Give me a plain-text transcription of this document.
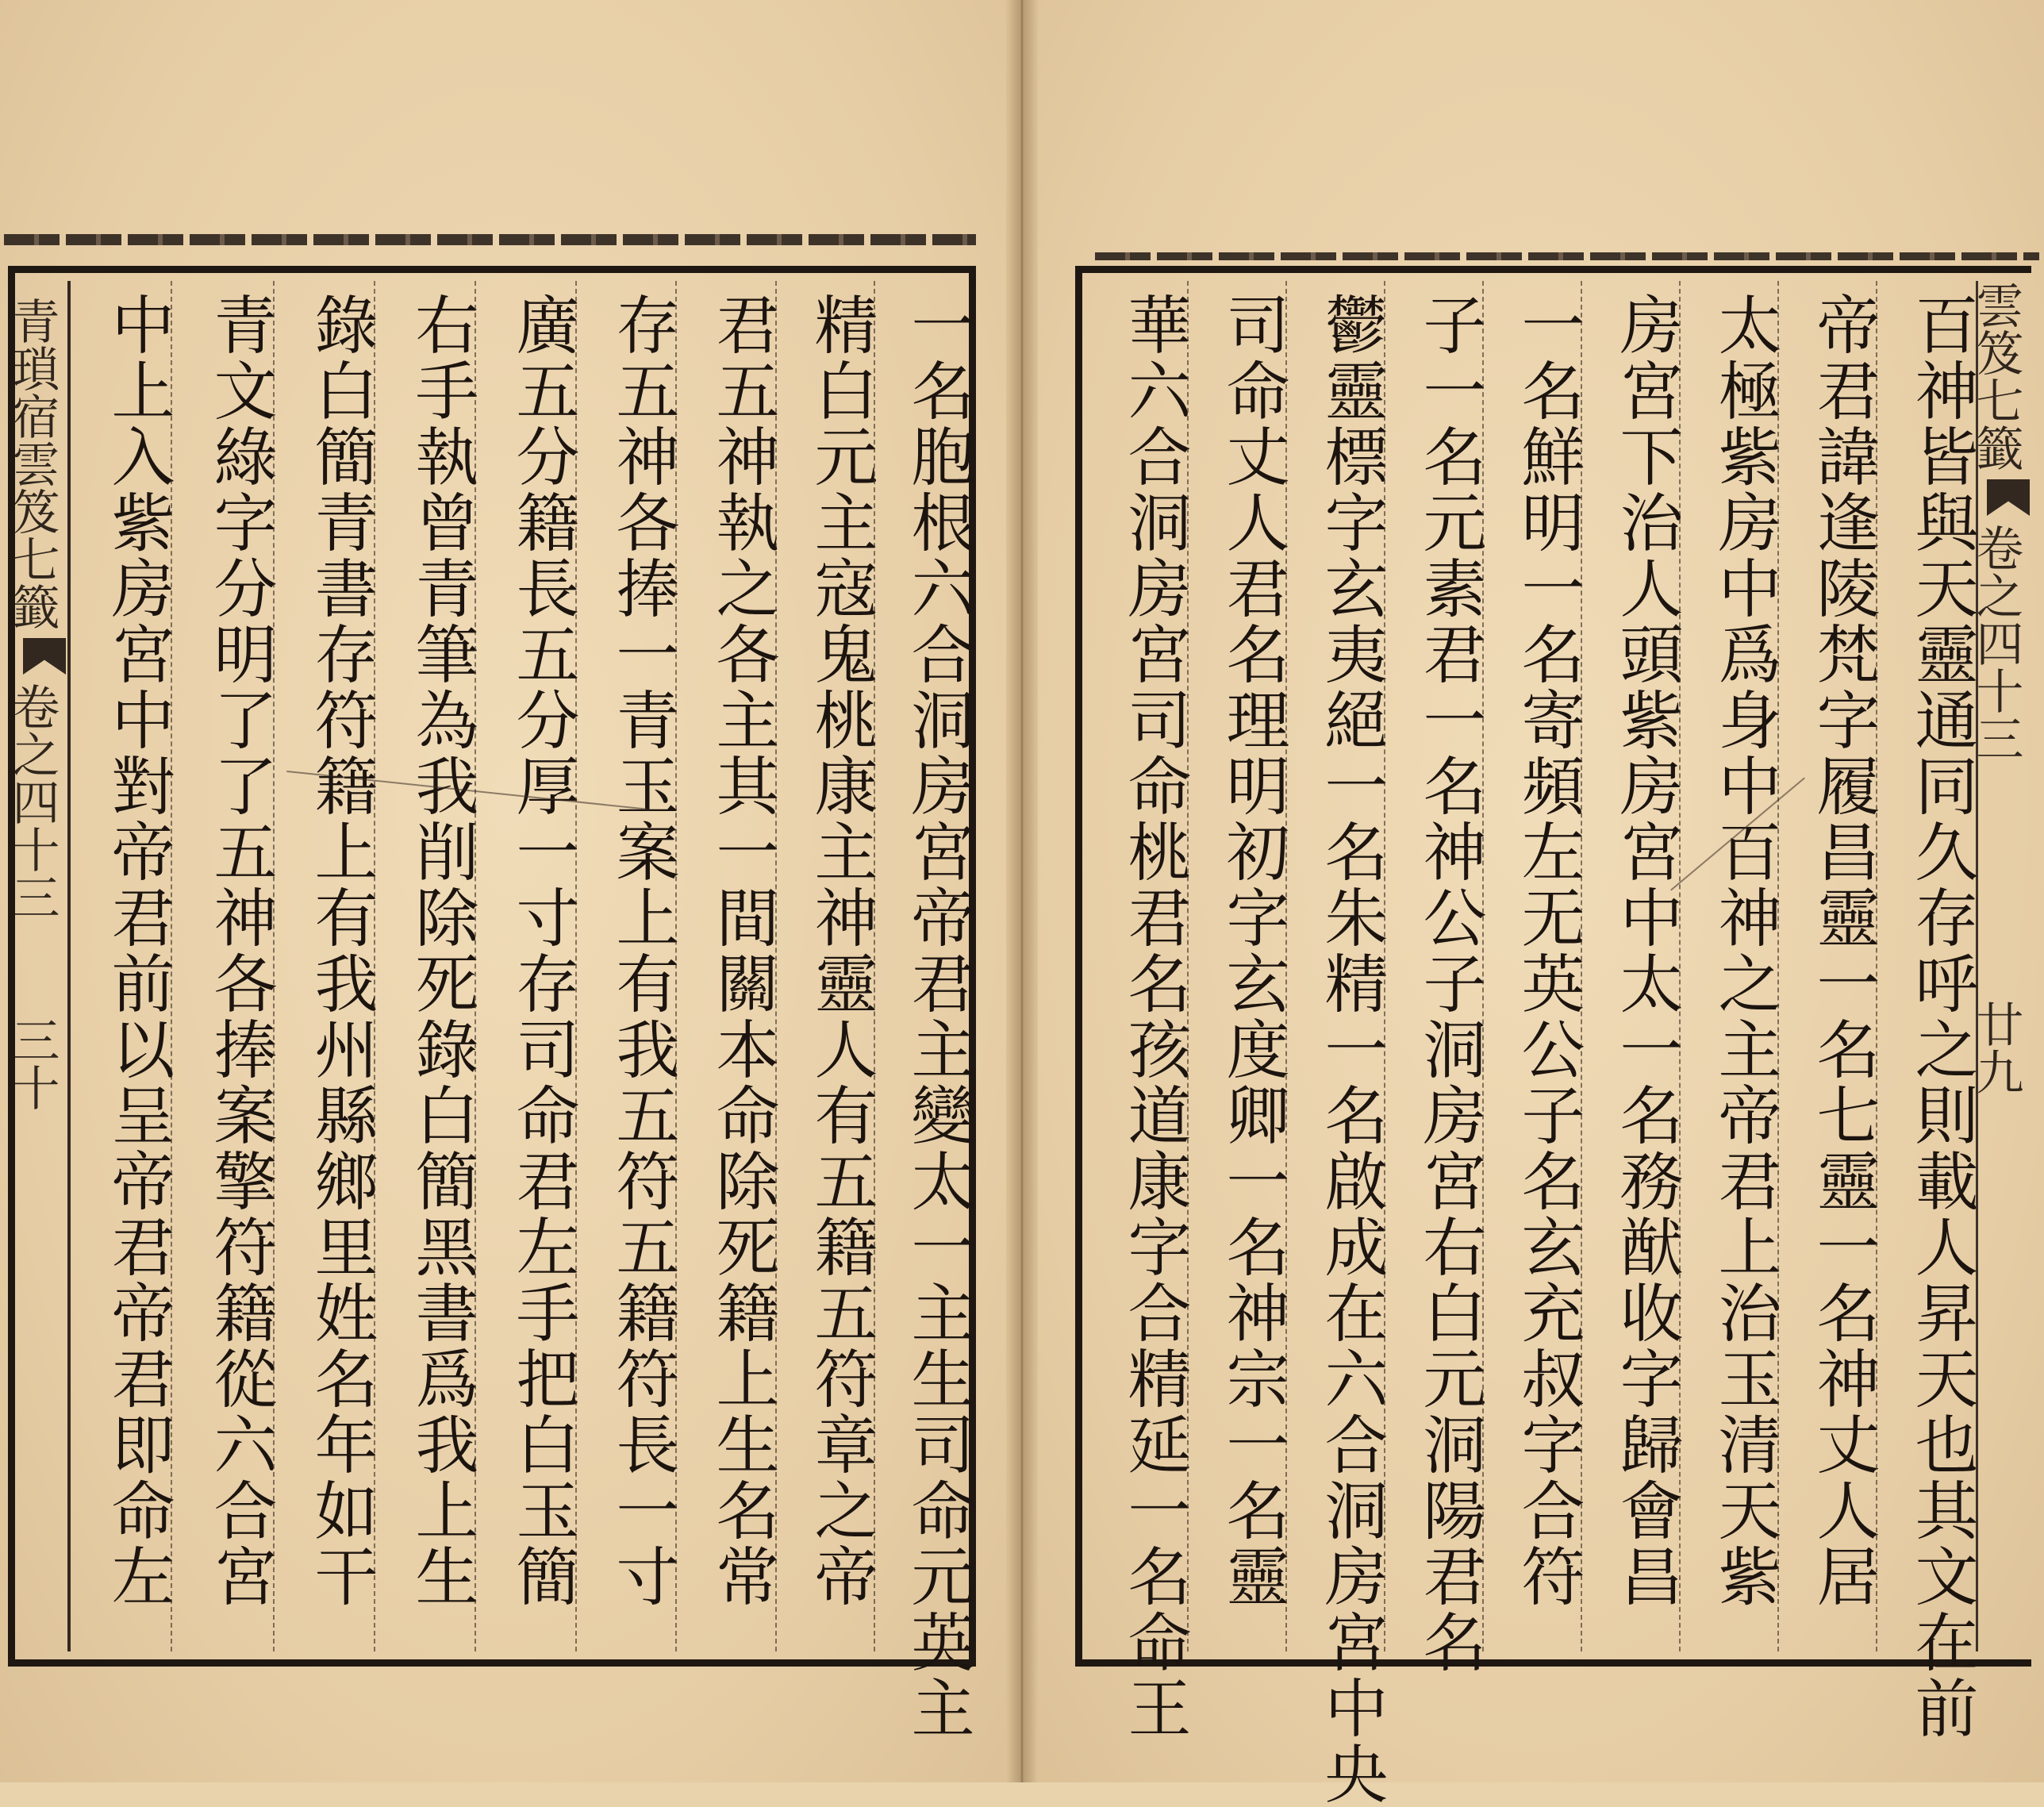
青瑣宿雲笈七籤卷之四十三三十 中上入紫房宮中對帝君前以呈帝君帝君即命左 青文綠字分明了了五神各捧案擎符籍從六合宮 錄白簡青書存符籍上有我州縣鄉里姓名年如干 右手執曾青筆為我削除死錄白簡黑書爲我上生 廣五分籍長五分厚一寸存司命君左手把白玉簡 存五神各捧一青玉案上有我五符五籍符長一寸 君五神執之各主其一間關本命除死籍上生名常 精白元主寇鬼桃康主神靈人有五籍五符章之帝 一名胞根六合洞房宮帝君主變太一主生司命元英主	華六合洞房宮司命桃君名孩道康字合精延一名命王 司命丈人君名理明初字玄度卿一名神宗一名靈 鬱靈標字玄夷絕一名朱精一名啟成在六合洞房宮中央 子一名元素君一名神公子洞房宮右白元洞陽君名 一名鮮明一名寄頻左无英公子名玄充叔字合符 房宮下治人頭紫房宮中太一名務猷收字歸會昌 太極紫房中爲身中百神之主帝君上治玉清天紫 帝君諱逢陵梵字履昌靈一名七靈一名神丈人居 百神皆與天靈通同久存呼之則載人昇天也其文在前
雲笈七籤卷之四十三廿九
